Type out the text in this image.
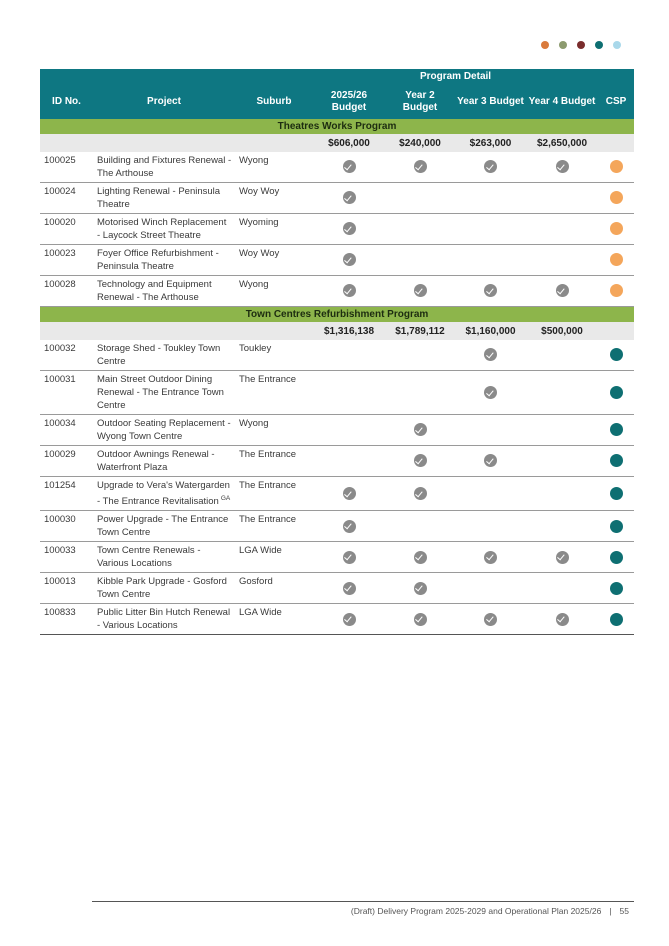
			Program Detail				
ID No.	Project	Suburb	2025/26 Budget	Year 2 Budget	Year 3 Budget	Year 4 Budget	CSP
Theatres Works Program							
			$606,000	$240,000	$263,000	$2,650,000	
100025	Building and Fixtures Renewal - The Arthouse	Wyong					
100024	Lighting Renewal - Peninsula Theatre	Woy Woy					
100020	Motorised Winch Replacement - Laycock Street Theatre	Wyoming					
100023	Foyer Office Refurbishment - Peninsula Theatre	Woy Woy					
100028	Technology and Equipment Renewal - The Arthouse	Wyong					
Town Centres Refurbishment Program							
			$1,316,138	$1,789,112	$1,160,000	$500,000	
100032	Storage Shed - Toukley Town Centre	Toukley					
100031	Main Street Outdoor Dining Renewal - The Entrance Town Centre	The Entrance					
100034	Outdoor Seating Replacement - Wyong Town Centre	Wyong					
100029	Outdoor Awnings Renewal - Waterfront Plaza	The Entrance					
101254	Upgrade to Vera's Watergarden - The Entrance Revitalisation $^{GA}$	The Entrance					
100030	Power Upgrade - The Entrance Town Centre	The Entrance					
100033	Town Centre Renewals - Various Locations	LGA Wide					
100013	Kibble Park Upgrade - Gosford Town Centre	Gosford					
100833	Public Litter Bin Hutch Renewal - Various Locations	LGA Wide					
(Draft) Delivery Program 2025-2029 and Operational Plan 2025/26 | 55
